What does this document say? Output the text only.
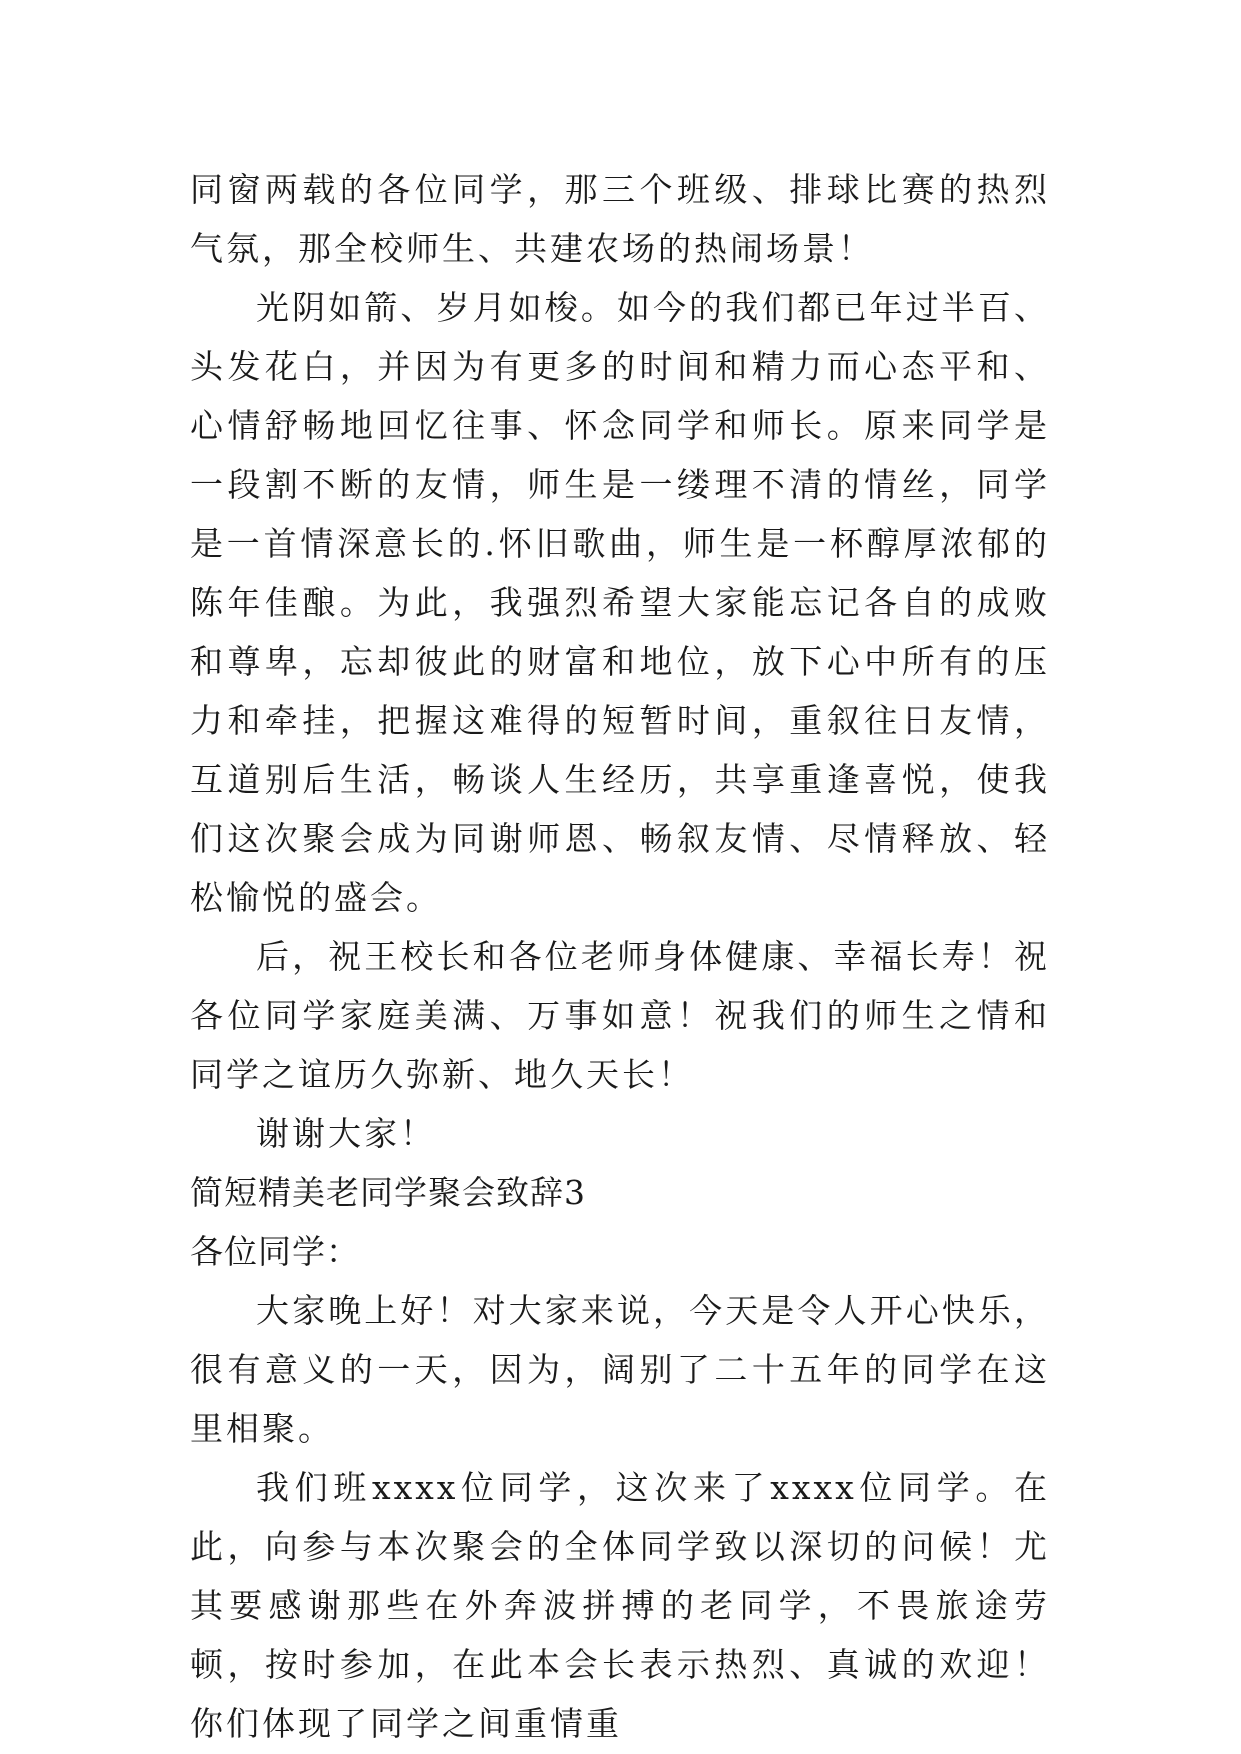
同窗两载的各位同学，那三个班级、排球比赛的热烈气氛，那全校师生、共建农场的热闹场景！

光阴如箭、岁月如梭。如今的我们都已年过半百、头发花白，并因为有更多的时间和精力而心态平和、心情舒畅地回忆往事、怀念同学和师长。原来同学是一段割不断的友情，师生是一缕理不清的情丝，同学是一首情深意长的.怀旧歌曲，师生是一杯醇厚浓郁的陈年佳酿。为此，我强烈希望大家能忘记各自的成败和尊卑，忘却彼此的财富和地位，放下心中所有的压力和牵挂，把握这难得的短暂时间，重叙往日友情，互道别后生活，畅谈人生经历，共享重逢喜悦，使我们这次聚会成为同谢师恩、畅叙友情、尽情释放、轻松愉悦的盛会。

后，祝王校长和各位老师身体健康、幸福长寿！祝各位同学家庭美满、万事如意！祝我们的师生之情和同学之谊历久弥新、地久天长！

谢谢大家！

简短精美老同学聚会致辞3

各位同学：

大家晚上好！对大家来说，今天是令人开心快乐，很有意义的一天，因为，阔别了二十五年的同学在这里相聚。

我们班xxxx位同学，这次来了xxxx位同学。在此，向参与本次聚会的全体同学致以深切的问候！尤其要感谢那些在外奔波拼搏的老同学，不畏旅途劳顿，按时参加，在此本会长表示热烈、真诚的欢迎！你们体现了同学之间重情重
